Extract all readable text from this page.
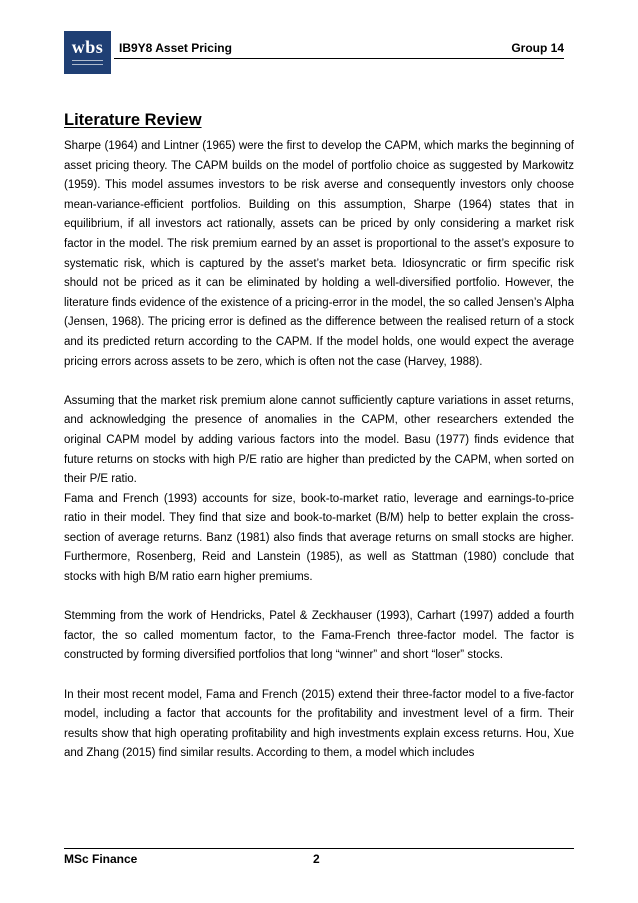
wbs	IB9Y8 Asset Pricing	Group 14
Literature Review

Sharpe (1964) and Lintner (1965) were the first to develop the CAPM, which marks the beginning of asset pricing theory. The CAPM builds on the model of portfolio choice as suggested by Markowitz (1959). This model assumes investors to be risk averse and consequently investors only choose mean-variance-efficient portfolios. Building on this assumption, Sharpe (1964) states that in equilibrium, if all investors act rationally, assets can be priced by only considering a market risk factor in the model. The risk premium earned by an asset is proportional to the asset’s exposure to systematic risk, which is captured by the asset’s market beta. Idiosyncratic or firm specific risk should not be priced as it can be eliminated by holding a well-diversified portfolio. However, the literature finds evidence of the existence of a pricing-error in the model, the so called Jensen’s Alpha (Jensen, 1968). The pricing error is defined as the difference between the realised return of a stock and its predicted return according to the CAPM. If the model holds, one would expect the average pricing errors across assets to be zero, which is often not the case (Harvey, 1988).

Assuming that the market risk premium alone cannot sufficiently capture variations in asset returns, and acknowledging the presence of anomalies in the CAPM, other researchers extended the original CAPM model by adding various factors into the model. Basu (1977) finds evidence that future returns on stocks with high P/E ratio are higher than predicted by the CAPM, when sorted on their P/E ratio.

Fama and French (1993) accounts for size, book-to-market ratio, leverage and earnings-to-price ratio in their model. They find that size and book-to-market (B/M) help to better explain the cross-section of average returns. Banz (1981) also finds that average returns on small stocks are higher. Furthermore, Rosenberg, Reid and Lanstein (1985), as well as Stattman (1980) conclude that stocks with high B/M ratio earn higher premiums.

Stemming from the work of Hendricks, Patel & Zeckhauser (1993), Carhart (1997) added a fourth factor, the so called momentum factor, to the Fama-French three-factor model. The factor is constructed by forming diversified portfolios that long “winner” and short “loser” stocks.

In their most recent model, Fama and French (2015) extend their three-factor model to a five-factor model, including a factor that accounts for the profitability and investment level of a firm. Their results show that high operating profitability and high investments explain excess returns. Hou, Xue and Zhang (2015) find similar results. According to them, a model which includes

MSc Finance	2
